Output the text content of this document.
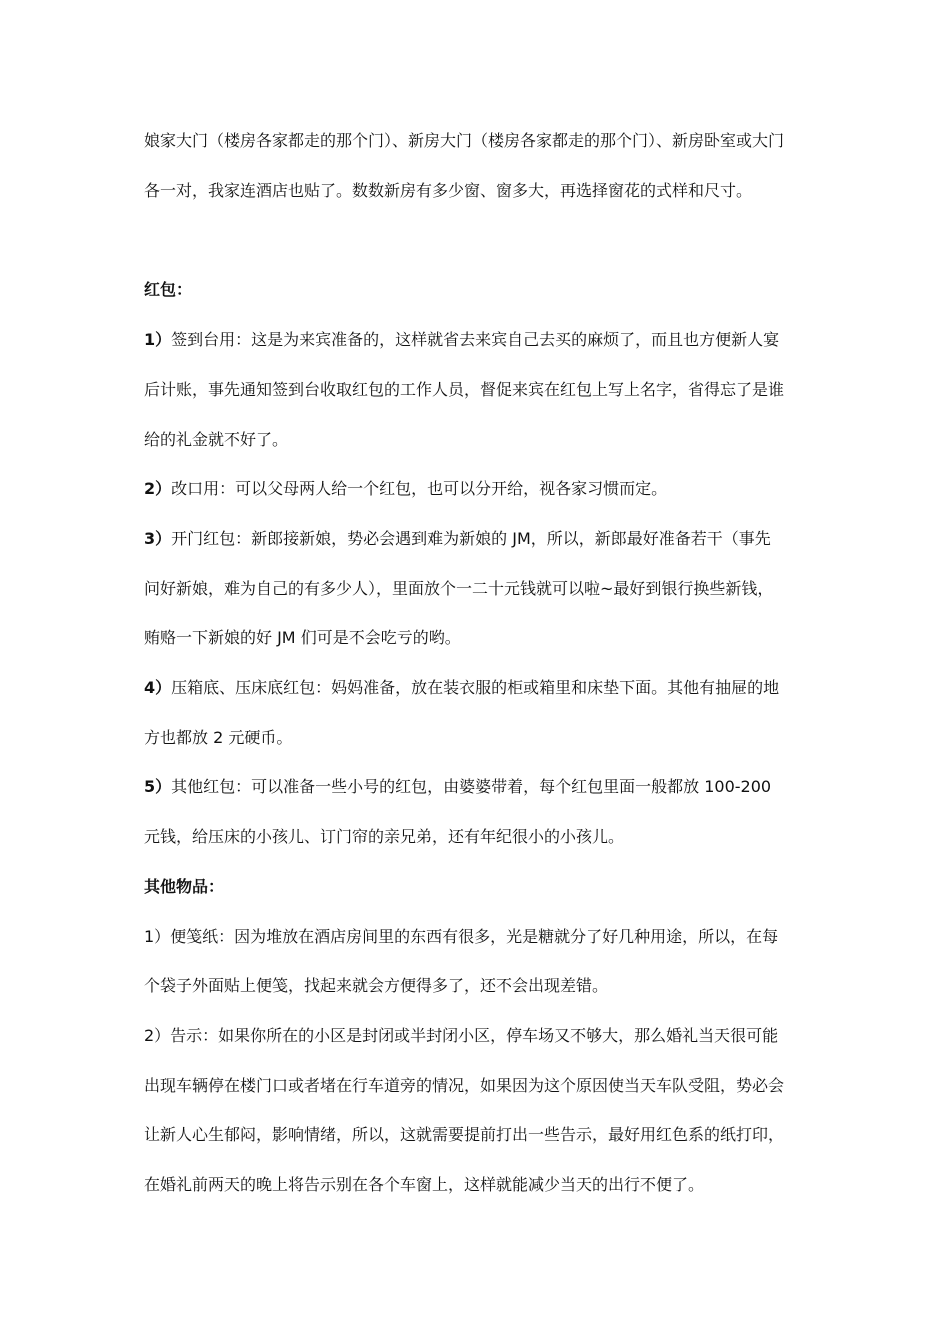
娘家大门（楼房各家都走的那个门）、新房大门（楼房各家都走的那个门）、新房卧室或大门
各一对，我家连酒店也贴了。数数新房有多少窗、窗多大，再选择窗花的式样和尺寸。
红包：
1）签到台用：这是为来宾准备的，这样就省去来宾自己去买的麻烦了，而且也方便新人宴
后计账，事先通知签到台收取红包的工作人员，督促来宾在红包上写上名字，省得忘了是谁
给的礼金就不好了。
2）改口用：可以父母两人给一个红包，也可以分开给，视各家习惯而定。
3）开门红包：新郎接新娘，势必会遇到难为新娘的 JM，所以，新郎最好准备若干（事先
问好新娘，难为自己的有多少人），里面放个一二十元钱就可以啦~最好到银行换些新钱，
贿赂一下新娘的好 JM 们可是不会吃亏的哟。
4）压箱底、压床底红包：妈妈准备，放在装衣服的柜或箱里和床垫下面。其他有抽屉的地
方也都放 2 元硬币。
5）其他红包：可以准备一些小号的红包，由婆婆带着，每个红包里面一般都放 100-200
元钱，给压床的小孩儿、订门帘的亲兄弟，还有年纪很小的小孩儿。
其他物品：
1）便笺纸：因为堆放在酒店房间里的东西有很多，光是糖就分了好几种用途，所以，在每
个袋子外面贴上便笺，找起来就会方便得多了，还不会出现差错。
2）告示：如果你所在的小区是封闭或半封闭小区，停车场又不够大，那么婚礼当天很可能
出现车辆停在楼门口或者堵在行车道旁的情况，如果因为这个原因使当天车队受阻，势必会
让新人心生郁闷，影响情绪，所以，这就需要提前打出一些告示，最好用红色系的纸打印，
在婚礼前两天的晚上将告示别在各个车窗上，这样就能减少当天的出行不便了。
